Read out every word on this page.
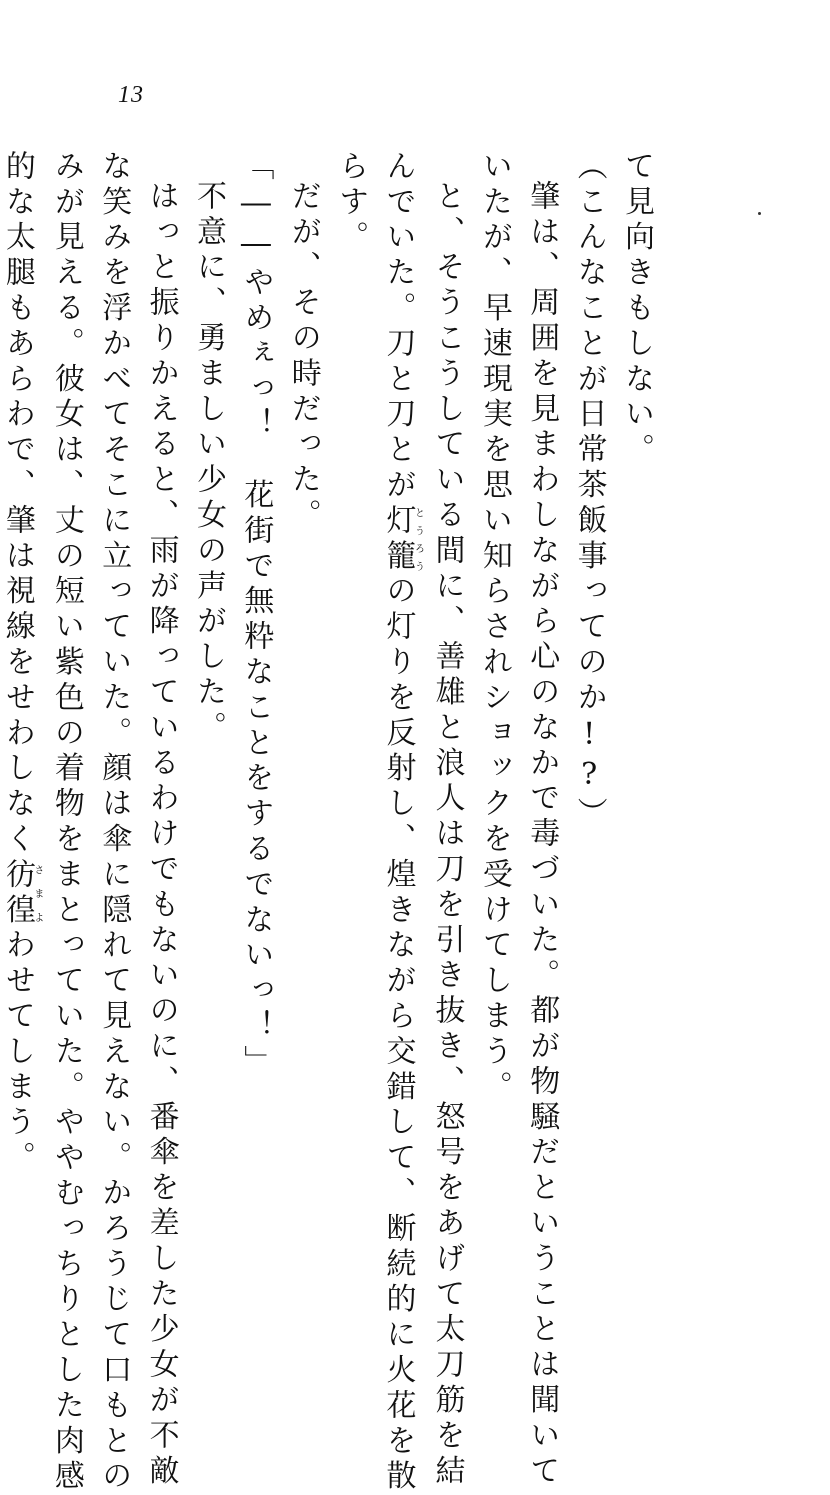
13

て見向きもしない。

（こんなことが日常茶飯事ってのか!?）

肇は、周囲を見まわしながら心のなかで毒づいた。都が物騒だということは聞いて

いたが、早速現実を思い知らされショックを受けてしまう。

と、そうこうしている間に、善雄と浪人は刀を引き抜き、怒号をあげて太刀筋を結

んでいた。刀と刀とが灯籠とうろうの灯りを反射し、煌きながら交錯して、断続的に火花を散

らす。

だが、その時だった。

「――やめぇっ！　花街で無粋なことをするでないっ！」

不意に、勇ましい少女の声がした。

はっと振りかえると、雨が降っているわけでもないのに、番傘を差した少女が不敵

な笑みを浮かべてそこに立っていた。顔は傘に隠れて見えない。かろうじて口もとの

みが見える。彼女は、丈の短い紫色の着物をまとっていた。ややむっちりとした肉感

的な太腿もあらわで、肇は視線をせわしなく彷徨さまよわせてしまう。
